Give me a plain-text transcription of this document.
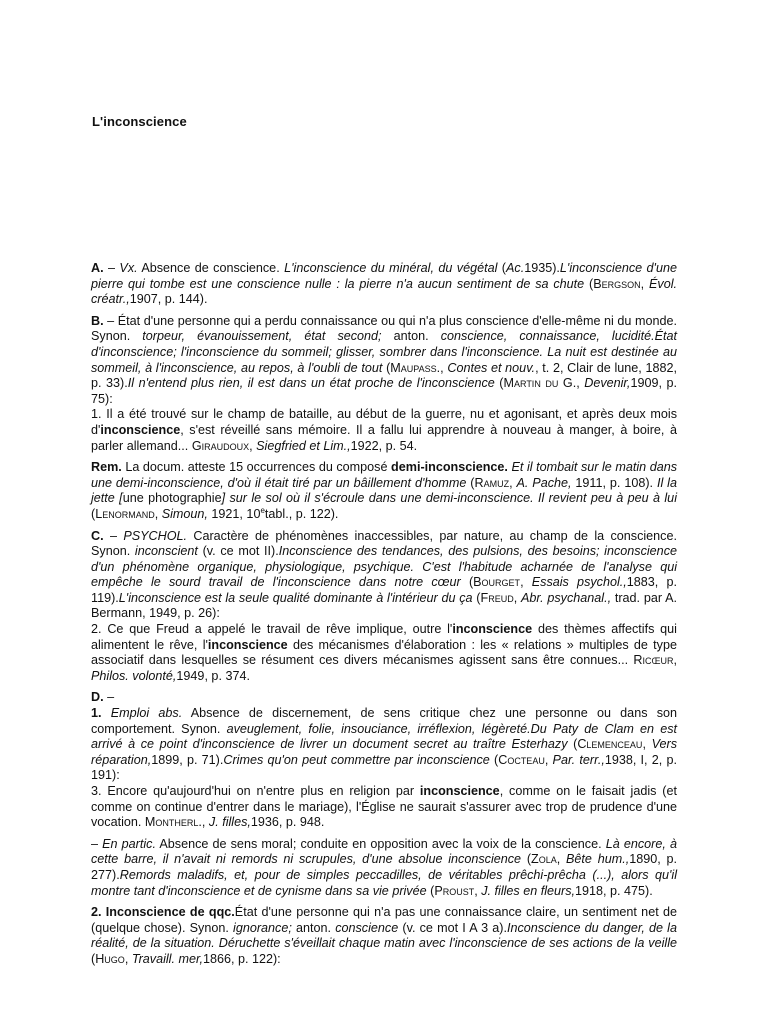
L'inconscience

A. – Vx. Absence de conscience. L'inconscience du minéral, du végétal (Ac.1935).L'inconscience d'une pierre qui tombe est une conscience nulle : la pierre n'a aucun sentiment de sa chute (Bergson, Évol. créatr.,1907, p. 144).

B. – État d'une personne qui a perdu connaissance ou qui n'a plus conscience d'elle-même ni du monde. Synon. torpeur, évanouissement, état second; anton. conscience, connaissance, lucidité.État d'inconscience; l'inconscience du sommeil; glisser, sombrer dans l'inconscience. La nuit est destinée au sommeil, à l'inconscience, au repos, à l'oubli de tout (Maupass., Contes et nouv., t. 2, Clair de lune, 1882, p. 33).Il n'entend plus rien, il est dans un état proche de l'inconscience (Martin du G., Devenir,1909, p. 75):

1. Il a été trouvé sur le champ de bataille, au début de la guerre, nu et agonisant, et après deux mois d'inconscience, s'est réveillé sans mémoire. Il a fallu lui apprendre à nouveau à manger, à boire, à parler allemand... Giraudoux, Siegfried et Lim.,1922, p. 54.

Rem. La docum. atteste 15 occurrences du composé demi-inconscience. Et il tombait sur le matin dans une demi-inconscience, d'où il était tiré par un bâillement d'homme (Ramuz, A. Pache, 1911, p. 108). Il la jette [une photographie] sur le sol où il s'écroule dans une demi-inconscience. Il revient peu à peu à lui (Lenormand, Simoun, 1921, 10etabl., p. 122).

C. – PSYCHOL. Caractère de phénomènes inaccessibles, par nature, au champ de la conscience. Synon. inconscient (v. ce mot II).Inconscience des tendances, des pulsions, des besoins; inconscience d'un phénomène organique, physiologique, psychique. C'est l'habitude acharnée de l'analyse qui empêche le sourd travail de l'inconscience dans notre cœur (Bourget, Essais psychol.,1883, p. 119).L'inconscience est la seule qualité dominante à l'intérieur du ça (Freud, Abr. psychanal., trad. par A. Bermann, 1949, p. 26):

2. Ce que Freud a appelé le travail de rêve implique, outre l'inconscience des thèmes affectifs qui alimentent le rêve, l'inconscience des mécanismes d'élaboration : les « relations » multiples de type associatif dans lesquelles se résument ces divers mécanismes agissent sans être connues... Ricœur, Philos. volonté,1949, p. 374.

D. –

1. Emploi abs. Absence de discernement, de sens critique chez une personne ou dans son comportement. Synon. aveuglement, folie, insouciance, irréflexion, légèreté.Du Paty de Clam en est arrivé à ce point d'inconscience de livrer un document secret au traître Esterhazy (Clemenceau, Vers réparation,1899, p. 71).Crimes qu'on peut commettre par inconscience (Cocteau, Par. terr.,1938, I, 2, p. 191):

3. Encore qu'aujourd'hui on n'entre plus en religion par inconscience, comme on le faisait jadis (et comme on continue d'entrer dans le mariage), l'Église ne saurait s'assurer avec trop de prudence d'une vocation. Montherl., J. filles,1936, p. 948.

– En partic. Absence de sens moral; conduite en opposition avec la voix de la conscience. Là encore, à cette barre, il n'avait ni remords ni scrupules, d'une absolue inconscience (Zola, Bête hum.,1890, p. 277).Remords maladifs, et, pour de simples peccadilles, de véritables prêchi-prêcha (...), alors qu'il montre tant d'inconscience et de cynisme dans sa vie privée (Proust, J. filles en fleurs,1918, p. 475).

2. Inconscience de qqc.État d'une personne qui n'a pas une connaissance claire, un sentiment net de (quelque chose). Synon. ignorance; anton. conscience (v. ce mot I A 3 a).Inconscience du danger, de la réalité, de la situation. Déruchette s'éveillait chaque matin avec l'inconscience de ses actions de la veille (Hugo, Travaill. mer,1866, p. 122):
